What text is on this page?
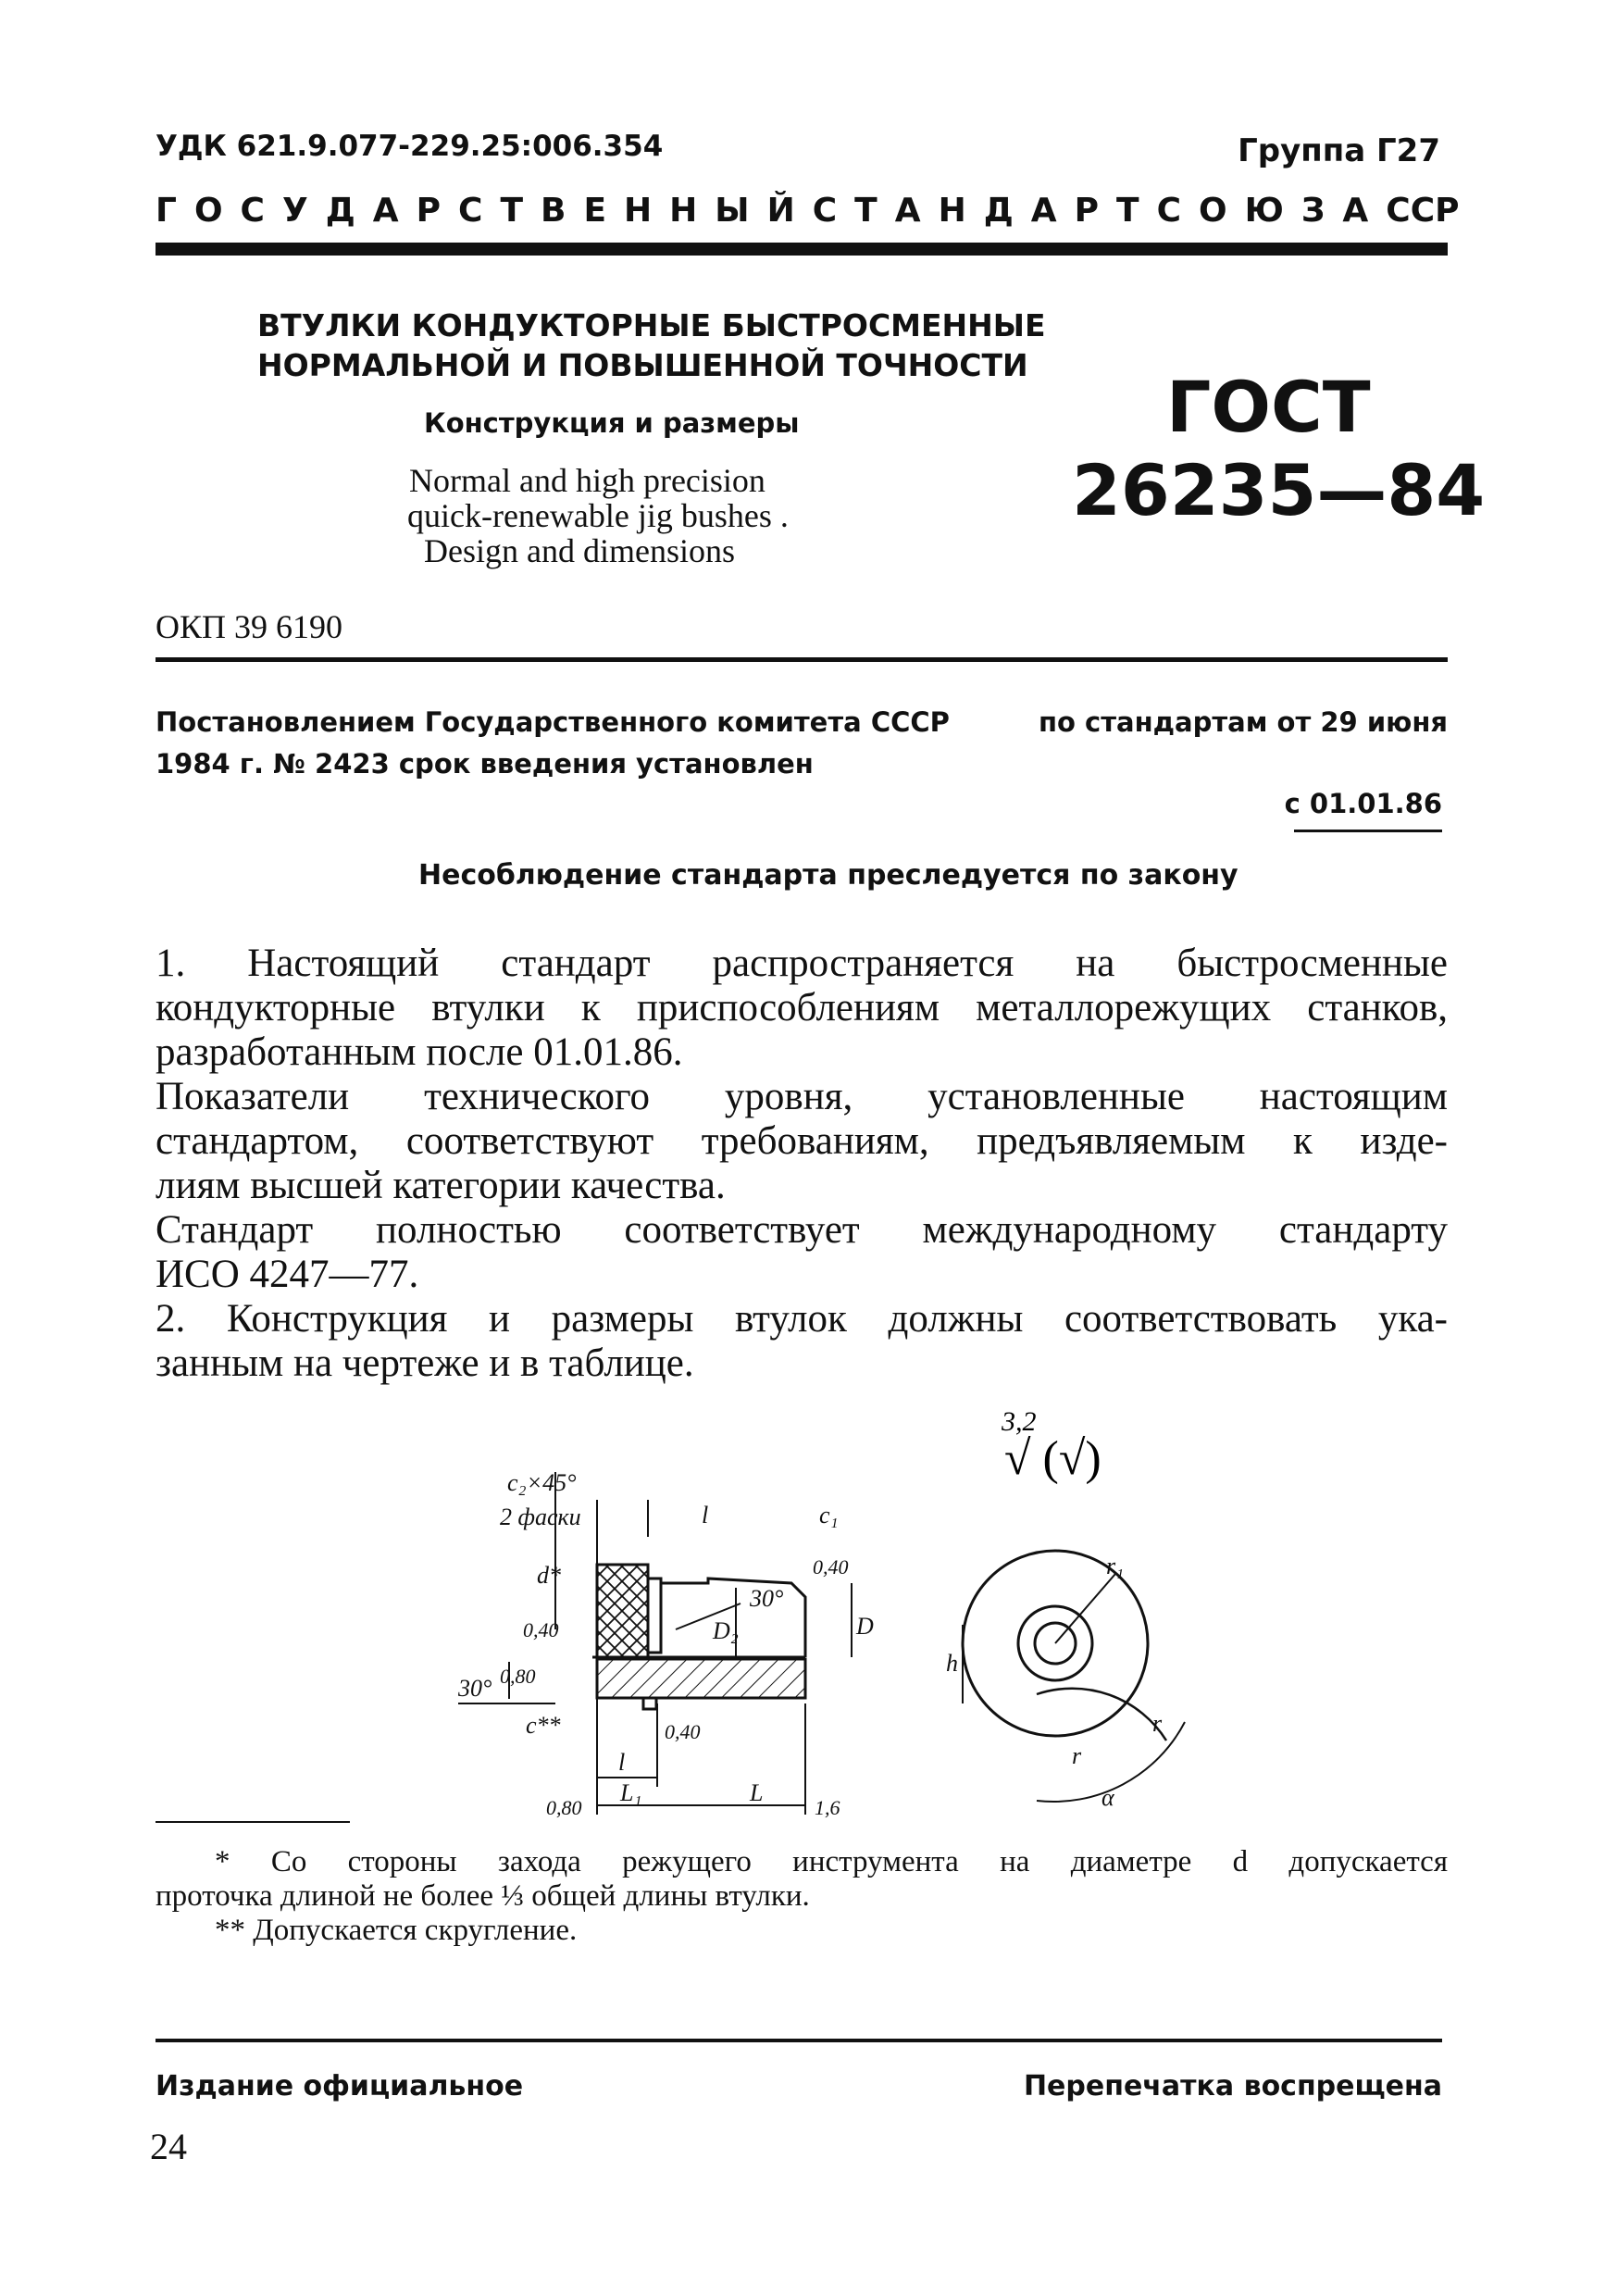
УДК 621.9.077-229.25:006.354	Группа Г27
ГОСУДАРСТВЕННЫЙ СТАНДАРТ СОЮЗА ССР
ВТУЛКИ КОНДУКТОРНЫЕ БЫСТРОСМЕННЫЕ
НОРМАЛЬНОЙ И ПОВЫШЕННОЙ ТОЧНОСТИ
Конструкция и размеры
Normal and high precision
quick-renewable jig bushes .
Design and dimensions
ГОСТ
26235—84
ОКП 39 6190
Постановлением Государственного комитета СССР	по стандартам от 29 июня
1984 г. № 2423 срок введения установлен
с 01.01.86
Несоблюдение стандарта преследуется по закону
1. Настоящий стандарт распространяется на быстросменные
кондукторные втулки к приспособлениям металлорежущих станков,
разработанным после 01.01.86.
Показатели технического уровня, установленные настоящим
стандартом, соответствуют требованиям, предъявляемым к изде-
лиям высшей категории качества.
Стандарт полностью соответствует международному стандарту
ИСО 4247—77.
2. Конструкция и размеры втулок должны соответствовать ука-
занным на чертеже и в таблице.
3,2
√ (√)
c₂×45°
2 фаски	l	c₁
30°
0,40
d*
D₂	D
0,40
0,80
30°
c**	0,40
l
0,80
L₁	L
1,6
r₁
h
r
r
α
* Со стороны захода режущего инструмента на диаметре d допускается
проточка длиной не более ⅓ общей длины втулки.
** Допускается скругление.
Издание официальное	Перепечатка воспрещена
24
